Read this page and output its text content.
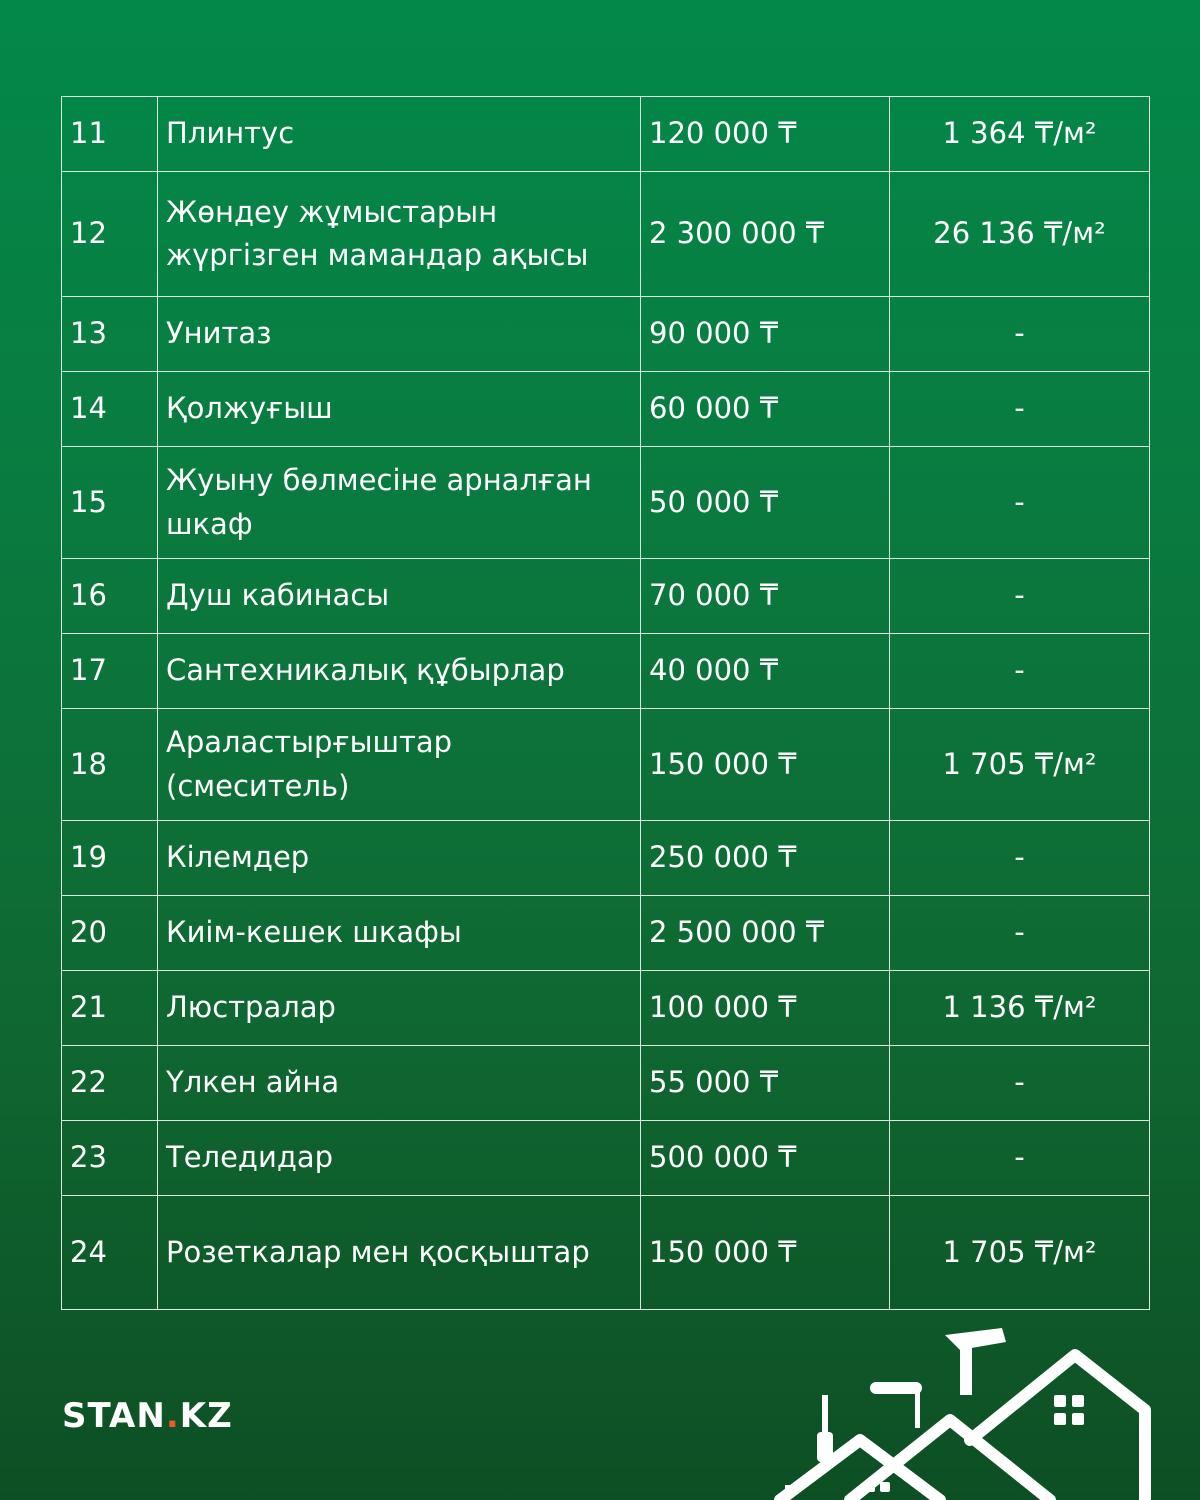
11	Плинтус	120 000 ₸	1 364 ₸/м²
12	Жөндеу жұмыстарын жүргізген мамандар ақысы	2 300 000 ₸	26 136 ₸/м²
13	Унитаз	90 000 ₸	-
14	Қолжуғыш	60 000 ₸	-
15	Жуыну бөлмесіне арналған шкаф	50 000 ₸	-
16	Душ кабинасы	70 000 ₸	-
17	Сантехникалық құбырлар	40 000 ₸	-
18	Араластырғыштар (смеситель)	150 000 ₸	1 705 ₸/м²
19	Кілемдер	250 000 ₸	-
20	Киім-кешек шкафы	2 500 000 ₸	-
21	Люстралар	100 000 ₸	1 136 ₸/м²
22	Үлкен айна	55 000 ₸	-
23	Теледидар	500 000 ₸	-
24	Розеткалар мен қосқыштар	150 000 ₸	1 705 ₸/м²
STAN.KZ
